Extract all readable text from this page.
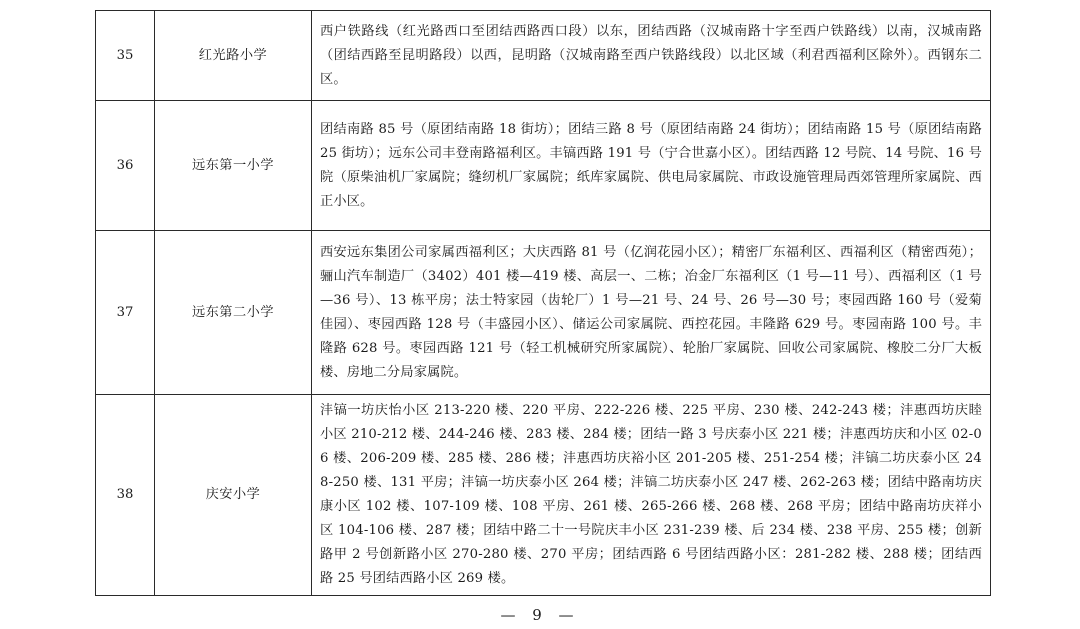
35	红光路小学	西户铁路线（红光路西口至团结西路西口段）以东，团结西路（汉城南路十字至西户铁路线）以南，汉城南路（团结西路至昆明路段）以西，昆明路（汉城南路至西户铁路线段）以北区域（利君西福利区除外）。西钢东二区。
36	远东第一小学	团结南路 85 号（原团结南路 18 街坊）；团结三路 8 号（原团结南路 24 街坊）；团结南路 15 号（原团结南路 25 街坊）；远东公司丰登南路福利区。丰镐西路 191 号（宁合世嘉小区）。团结西路 12 号院、14 号院、16 号院（原柴油机厂家属院；缝纫机厂家属院；纸库家属院、供电局家属院、市政设施管理局西郊管理所家属院、西正小区。
37	远东第二小学	西安远东集团公司家属西福利区；大庆西路 81 号（亿润花园小区）；精密厂东福利区、西福利区（精密西苑）；骊山汽车制造厂（3402）401 楼—419 楼、高层一、二栋；冶金厂东福利区（1 号—11 号）、西福利区（1 号—36 号）、13 栋平房；法士特家园（齿轮厂）1 号—21 号、24 号、26 号—30 号；枣园西路 160 号（爱菊佳园）、枣园西路 128 号（丰盛园小区）、储运公司家属院、西控花园。丰隆路 629 号。枣园南路 100 号。丰隆路 628 号。枣园西路 121 号（轻工机械研究所家属院）、轮胎厂家属院、回收公司家属院、橡胶二分厂大板楼、房地二分局家属院。
38	庆安小学	沣镐一坊庆怡小区 213-220 楼、220 平房、222-226 楼、225 平房、230 楼、242-243 楼；沣惠西坊庆睦小区 210-212 楼、244-246 楼、283 楼、284 楼；团结一路 3 号庆泰小区 221 楼；沣惠西坊庆和小区 02-06 楼、206-209 楼、285 楼、286 楼；沣惠西坊庆裕小区 201-205 楼、251-254 楼；沣镐二坊庆泰小区 248-250 楼、131 平房；沣镐一坊庆泰小区 264 楼；沣镐二坊庆泰小区 247 楼、262-263 楼；团结中路南坊庆康小区 102 楼、107-109 楼、108 平房、261 楼、265-266 楼、268 楼、268 平房；团结中路南坊庆祥小区 104-106 楼、287 楼；团结中路二十一号院庆丰小区 231-239 楼、后 234 楼、238 平房、255 楼；创新路甲 2 号创新路小区 270-280 楼、270 平房；团结西路 6 号团结西路小区：281-282 楼、288 楼；团结西路 25 号团结西路小区 269 楼。
— 9 —
